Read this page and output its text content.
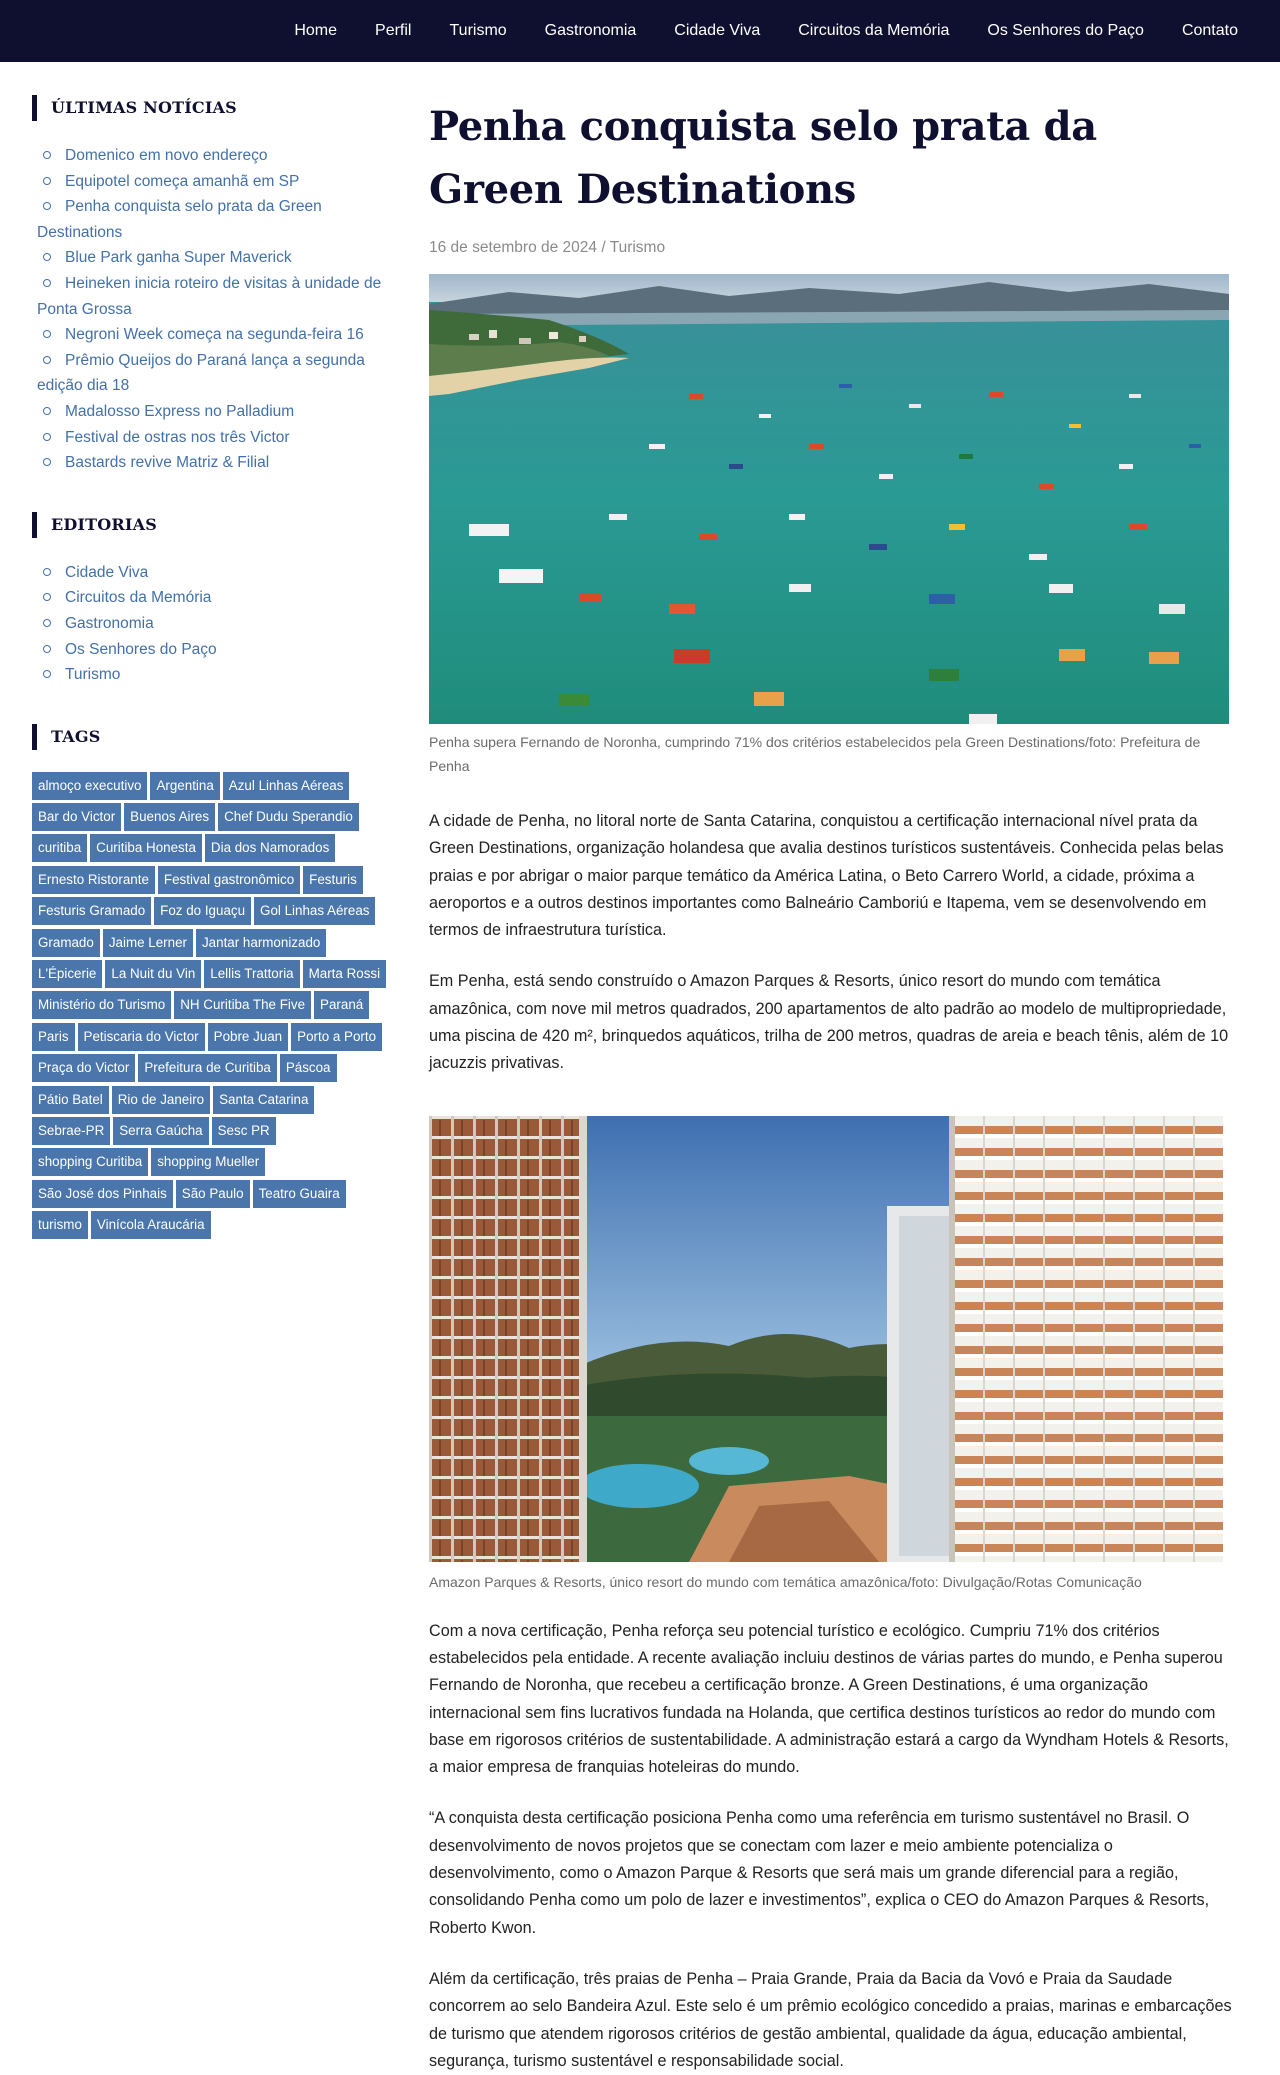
Home Perfil Turismo Gastronomia Cidade Viva Circuitos da Memória Os Senhores do Paço Contato
ÚLTIMAS NOTÍCIAS
Domenico em novo endereço
Equipotel começa amanhã em SP
Penha conquista selo prata da Green Destinations
Blue Park ganha Super Maverick
Heineken inicia roteiro de visitas à unidade de Ponta Grossa
Negroni Week começa na segunda-feira 16
Prêmio Queijos do Paraná lança a segunda edição dia 18
Madalosso Express no Palladium
Festival de ostras nos três Victor
Bastards revive Matriz & Filial
EDITORIAS
Cidade Viva
Circuitos da Memória
Gastronomia
Os Senhores do Paço
Turismo
TAGS
almoço executivo	Argentina	Azul Linhas Aéreas
Bar do Victor	Buenos Aires	Chef Dudu Sperandio
curitiba	Curitiba Honesta	Dia dos Namorados
Ernesto Ristorante	Festival gastronômico	Festuris
Festuris Gramado	Foz do Iguaçu	Gol Linhas Aéreas
Gramado	Jaime Lerner	Jantar harmonizado
L'Épicerie	La Nuit du Vin	Lellis Trattoria	Marta Rossi
Ministério do Turismo	NH Curitiba The Five	Paraná
Paris	Petiscaria do Victor	Pobre Juan	Porto a Porto
Praça do Victor	Prefeitura de Curitiba	Páscoa
Pátio Batel	Rio de Janeiro	Santa Catarina
Sebrae-PR	Serra Gaúcha	Sesc PR
shopping Curitiba	shopping Mueller
São José dos Pinhais	São Paulo	Teatro Guaira
turismo	Vinícola Araucária
Penha conquista selo prata da Green Destinations
16 de setembro de 2024 / Turismo
Penha supera Fernando de Noronha, cumprindo 71% dos critérios estabelecidos pela Green Destinations/foto: Prefeitura de Penha

A cidade de Penha, no litoral norte de Santa Catarina, conquistou a certificação internacional nível prata da Green Destinations, organização holandesa que avalia destinos turísticos sustentáveis. Conhecida pelas belas praias e por abrigar o maior parque temático da América Latina, o Beto Carrero World, a cidade, próxima a aeroportos e a outros destinos importantes como Balneário Camboriú e Itapema, vem se desenvolvendo em termos de infraestrutura turística.

Em Penha, está sendo construído o Amazon Parques & Resorts, único resort do mundo com temática amazônica, com nove mil metros quadrados, 200 apartamentos de alto padrão ao modelo de multipropriedade, uma piscina de 420 m², brinquedos aquáticos, trilha de 200 metros, quadras de areia e beach tênis, além de 10 jacuzzis privativas.

Amazon Parques & Resorts, único resort do mundo com temática amazônica/foto: Divulgação/Rotas Comunicação

Com a nova certificação, Penha reforça seu potencial turístico e ecológico. Cumpriu 71% dos critérios estabelecidos pela entidade. A recente avaliação incluiu destinos de várias partes do mundo, e Penha superou Fernando de Noronha, que recebeu a certificação bronze. A Green Destinations, é uma organização internacional sem fins lucrativos fundada na Holanda, que certifica destinos turísticos ao redor do mundo com base em rigorosos critérios de sustentabilidade. A administração estará a cargo da Wyndham Hotels & Resorts, a maior empresa de franquias hoteleiras do mundo.

“A conquista desta certificação posiciona Penha como uma referência em turismo sustentável no Brasil. O desenvolvimento de novos projetos que se conectam com lazer e meio ambiente potencializa o desenvolvimento, como o Amazon Parque & Resorts que será mais um grande diferencial para a região, consolidando Penha como um polo de lazer e investimentos”, explica o CEO do Amazon Parques & Resorts, Roberto Kwon.

Além da certificação, três praias de Penha – Praia Grande, Praia da Bacia da Vovó e Praia da Saudade concorrem ao selo Bandeira Azul. Este selo é um prêmio ecológico concedido a praias, marinas e embarcações de turismo que atendem rigorosos critérios de gestão ambiental, qualidade da água, educação ambiental, segurança, turismo sustentável e responsabilidade social.
